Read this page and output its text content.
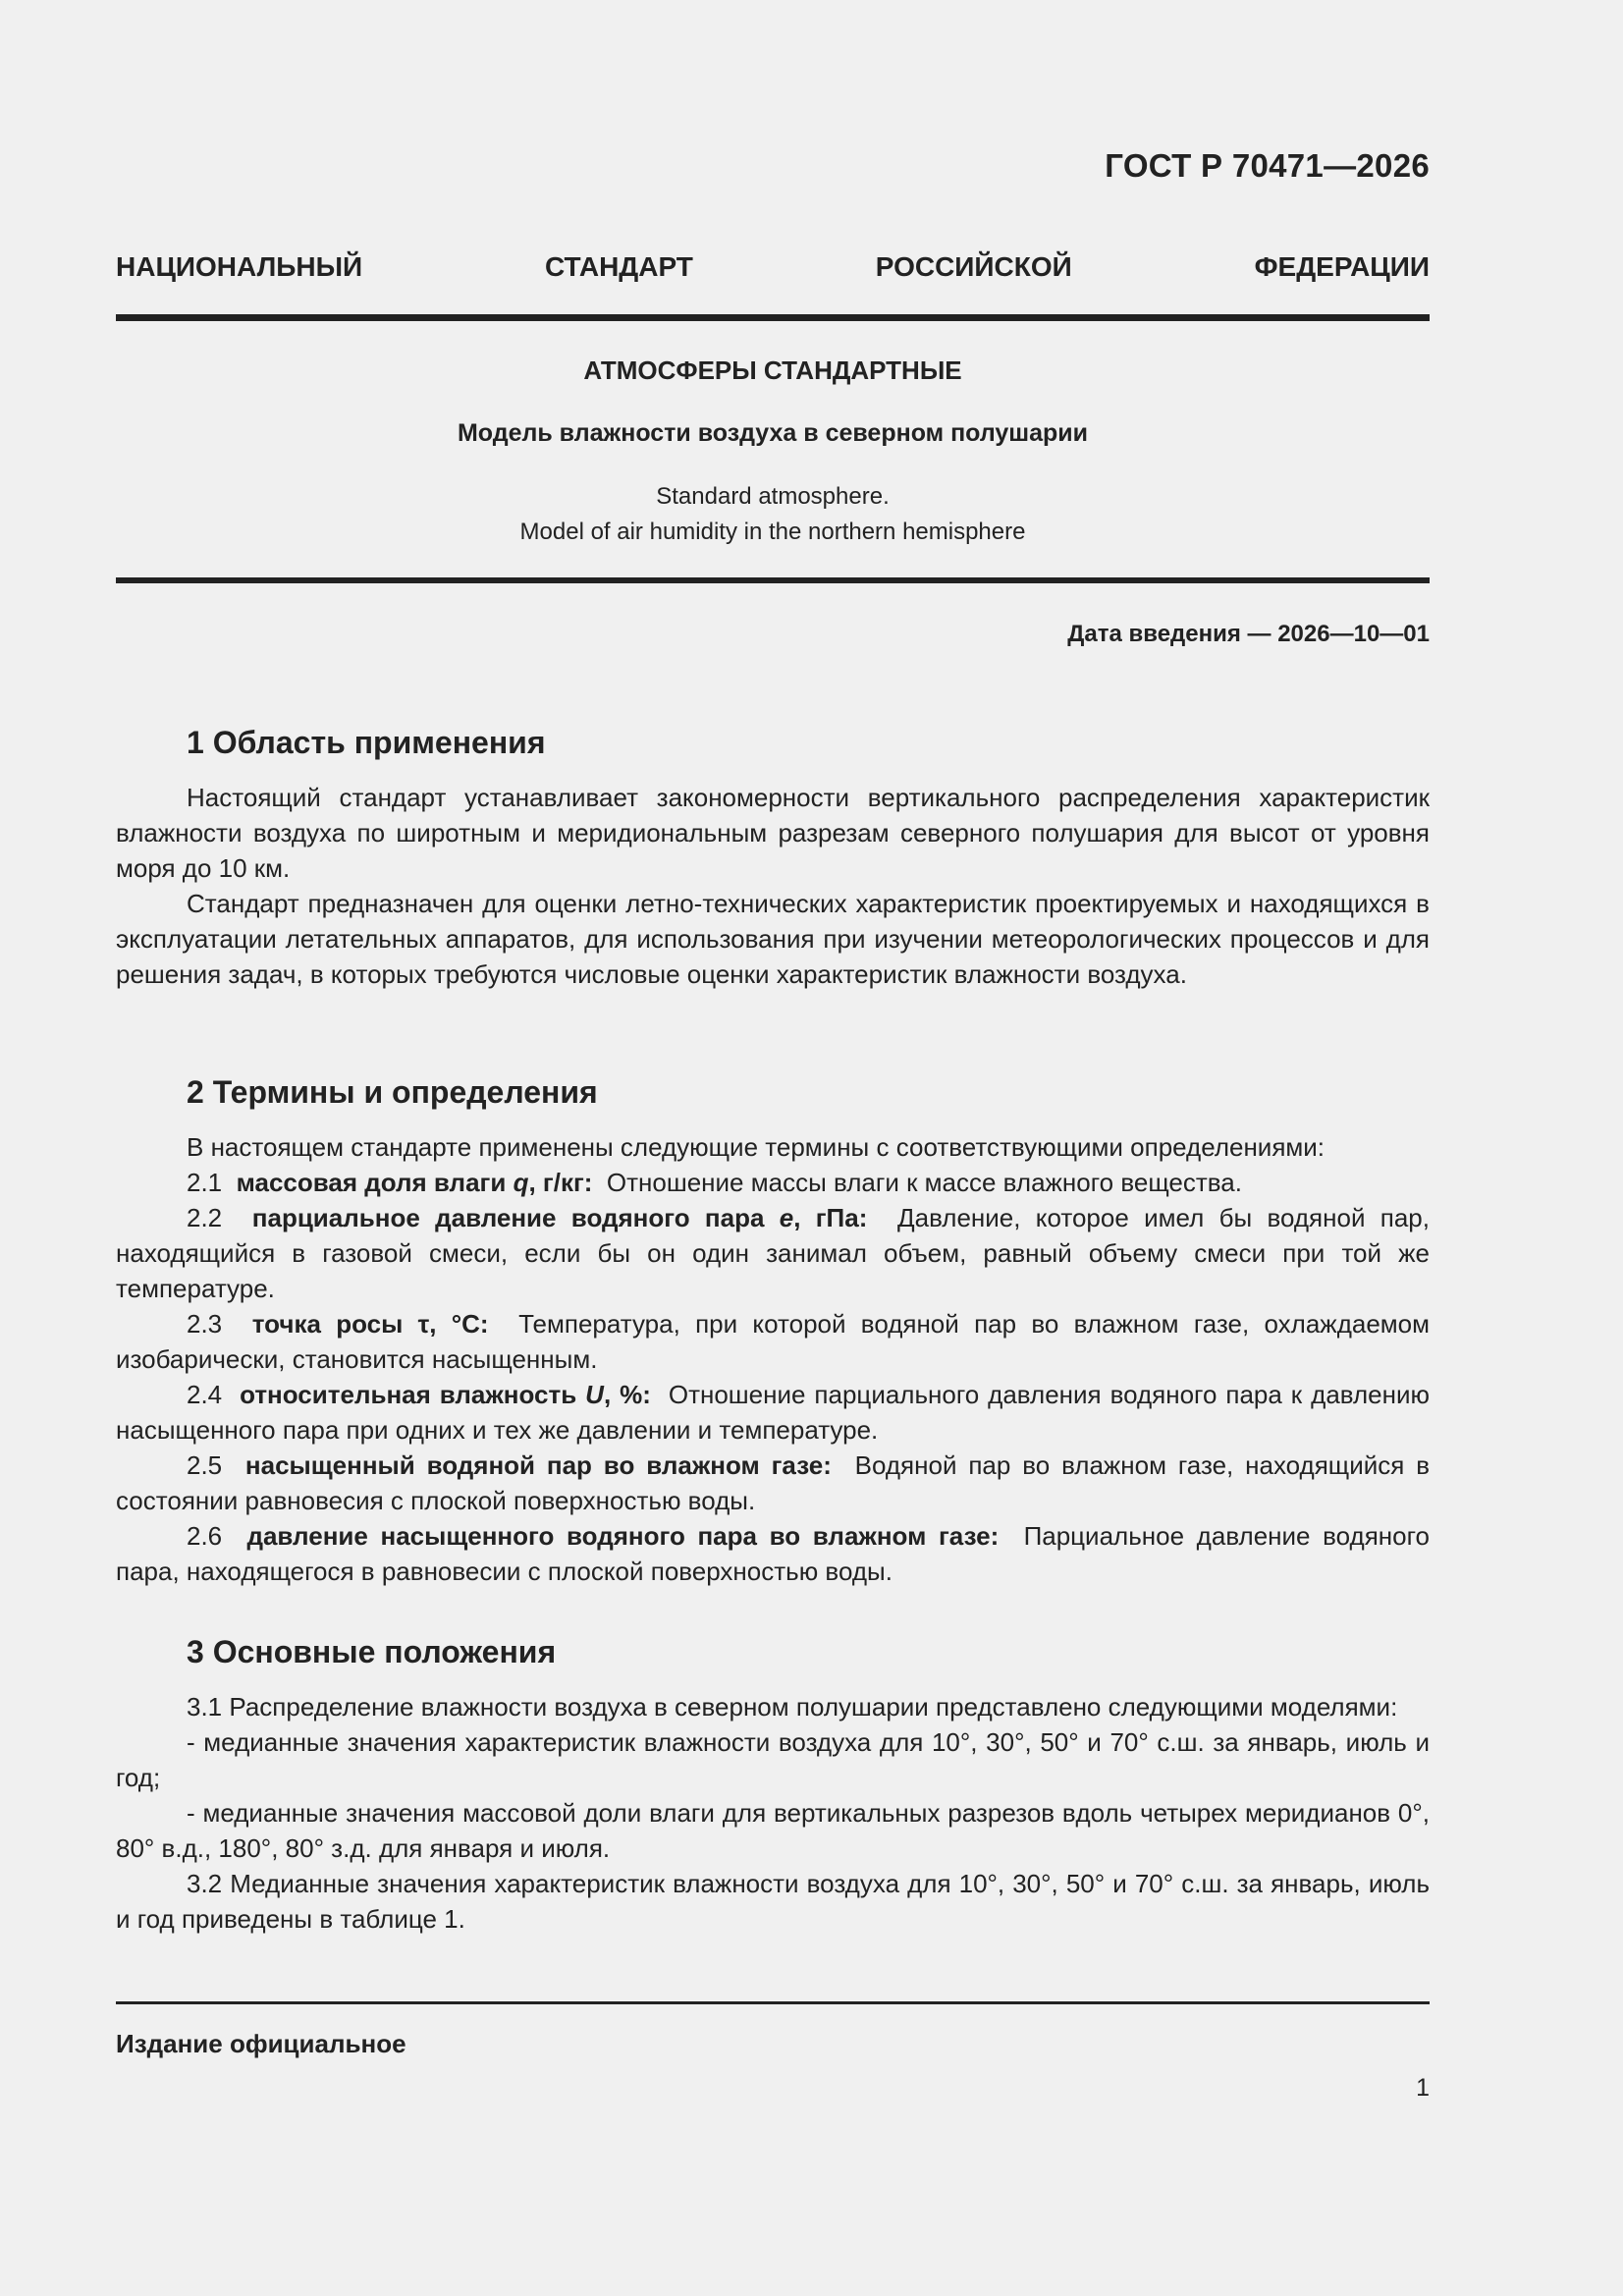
ГОСТ Р 70471—2026
НАЦИОНАЛЬНЫЙ СТАНДАРТ РОССИЙСКОЙ ФЕДЕРАЦИИ
АТМОСФЕРЫ СТАНДАРТНЫЕ
Модель влажности воздуха в северном полушарии
Standard atmosphere.
Model of air humidity in the northern hemisphere
Дата введения — 2026—10—01
1 Область применения

Настоящий стандарт устанавливает закономерности вертикального распределения характеристик влажности воздуха по широтным и меридиональным разрезам северного полушария для высот от уровня моря до 10 км.

Стандарт предназначен для оценки летно-технических характеристик проектируемых и находящихся в эксплуатации летательных аппаратов, для использования при изучении метеорологических процессов и для решения задач, в которых требуются числовые оценки характеристик влажности воздуха.

2 Термины и определения

В настоящем стандарте применены следующие термины с соответствующими определениями:

2.1 массовая доля влаги q, г/кг: Отношение массы влаги к массе влажного вещества.

2.2 парциальное давление водяного пара e, гПа: Давление, которое имел бы водяной пар, находящийся в газовой смеси, если бы он один занимал объем, равный объему смеси при той же температуре.

2.3 точка росы τ, °С: Температура, при которой водяной пар во влажном газе, охлаждаемом изобарически, становится насыщенным.

2.4 относительная влажность U, %: Отношение парциального давления водяного пара к давлению насыщенного пара при одних и тех же давлении и температуре.

2.5 насыщенный водяной пар во влажном газе: Водяной пар во влажном газе, находящийся в состоянии равновесия с плоской поверхностью воды.

2.6 давление насыщенного водяного пара во влажном газе: Парциальное давление водяного пара, находящегося в равновесии с плоской поверхностью воды.

3 Основные положения

3.1 Распределение влажности воздуха в северном полушарии представлено следующими моделями:

- медианные значения характеристик влажности воздуха для 10°, 30°, 50° и 70° с.ш. за январь, июль и год;

- медианные значения массовой доли влаги для вертикальных разрезов вдоль четырех меридианов 0°, 80° в.д., 180°, 80° з.д. для января и июля.

3.2 Медианные значения характеристик влажности воздуха для 10°, 30°, 50° и 70° с.ш. за январь, июль и год приведены в таблице 1.

Издание официальное
1
